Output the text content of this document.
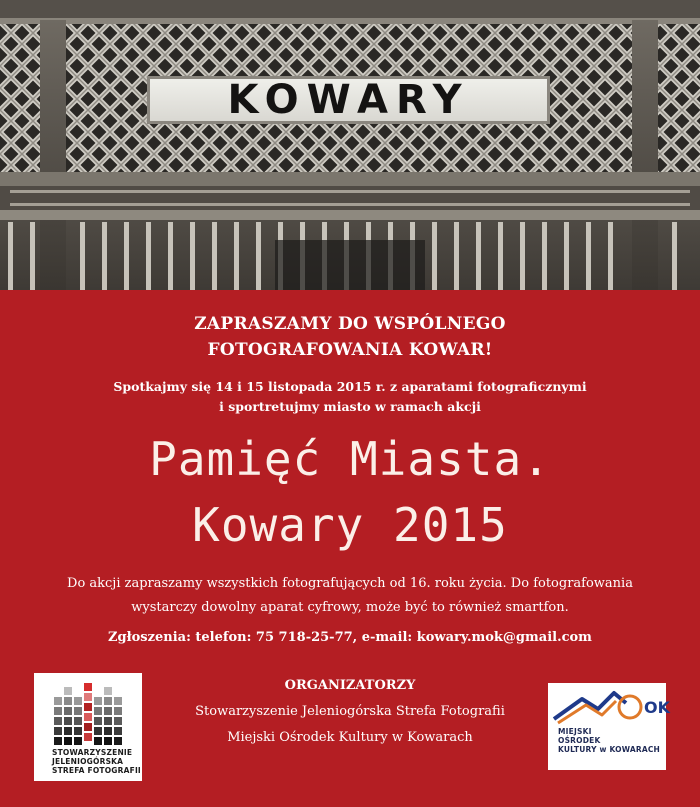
KOWARY
ZAPRASZAMY DO WSPÓLNEGO
FOTOGRAFOWANIA KOWAR!
Spotkajmy się 14 i 15 listopada 2015 r. z aparatami fotograficznymi
i sportretujmy miasto w ramach akcji
Pamięć Miasta.
Kowary 2015
Do akcji zapraszamy wszystkich fotografujących od 16. roku życia. Do fotografowania
wystarczy dowolny aparat cyfrowy, może być to również smartfon.
Zgłoszenia: telefon: 75 718-25-77, e-mail: kowary.mok@gmail.com
ORGANIZATORZY
Stowarzyszenie Jeleniogórska Strefa Fotografii
Miejski Ośrodek Kultury w Kowarach
STOWARZYSZENIE
JELENIOGÓRSKA
STREFA FOTOGRAFII
OK
MIEJSKI
OŚRODEK
KULTURY w KOWARACH
